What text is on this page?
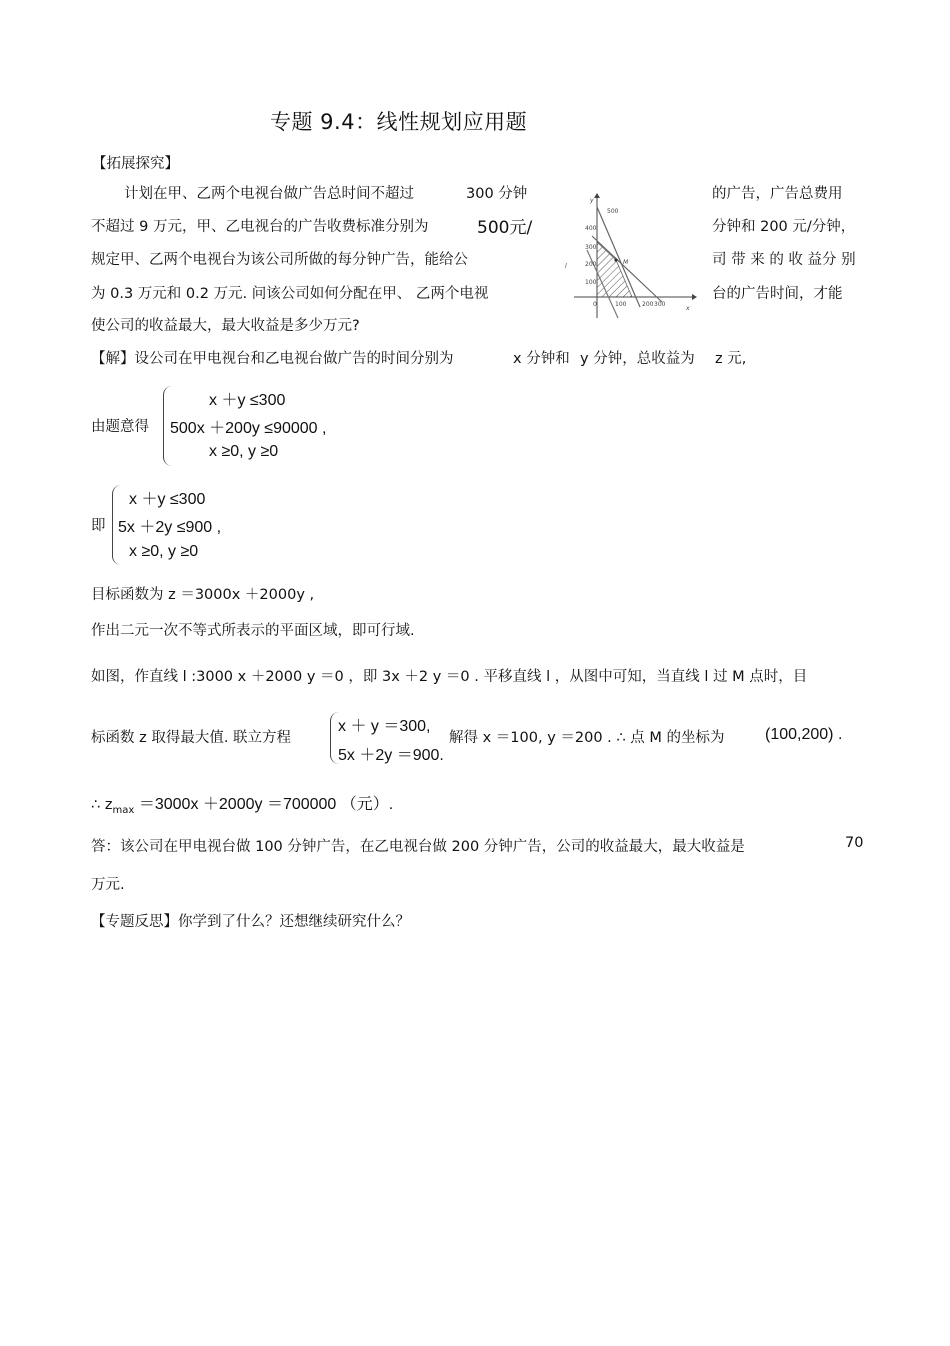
专题 9.4：线性规划应用题
【拓展探究】
计划在甲、乙两个电视台做广告总时间不超过	300 分钟	的广告，广告总费用
不超过 9 万元，甲、乙电视台的广告收费标准分别为	500元/	分钟和 200 元/分钟，
规定甲、乙两个电视台为该公司所做的每分钟广告，能给公	司 带 来 的 收 益分 别
为 0.3 万元和 0.2 万元. 问该公司如何分配在甲、 乙两个电视	台的广告时间，才能
使公司的收益最大，最大收益是多少万元?
500
400
300
200
100
0	100	200 300
x
y
M
l
【解】设公司在甲电视台和乙电视台做广告的时间分别为	x 分钟和 y 分钟，总收益为 z 元,
由题意得
x ＋y ≤300
500x ＋200y ≤90000 ,
x ≥0, y ≥0
即
x ＋y ≤300
5x ＋2y ≤900 ,
x ≥0, y ≥0
目标函数为 z ＝3000x ＋2000y ,
作出二元一次不等式所表示的平面区域，即可行域.
如图，作直线 l :3000 x ＋2000 y ＝0 ，即 3x ＋2 y ＝0 . 平移直线 l ，从图中可知，当直线 l 过 M 点时，目
标函数 z 取得最大值. 联立方程
x ＋ y ＝300,
5x ＋2y ＝900.
解得 x ＝100, y ＝200 . ∴ 点 M 的坐标为	(100,200) .
∴ $z_{max} =3000x +2000y =700000$ （元）.
答：该公司在甲电视台做 100 分钟广告，在乙电视台做 200 分钟广告，公司的收益最大，最大收益是	70
万元.
【专题反思】你学到了什么？还想继续研究什么？
